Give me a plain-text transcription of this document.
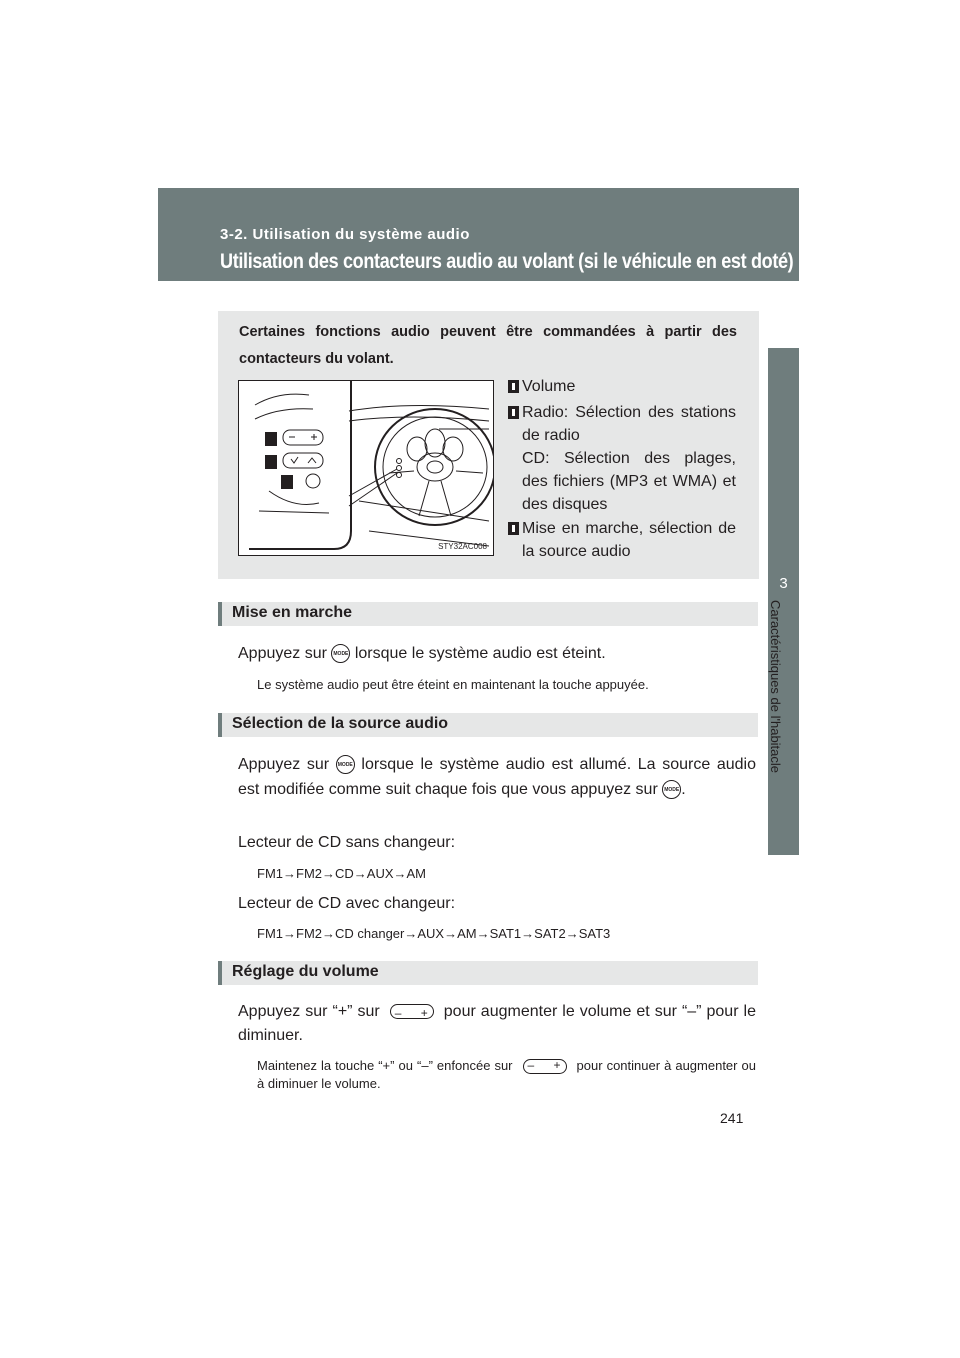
3-2. Utilisation du système audio
Utilisation des contacteurs audio au volant (si le véhicule en est doté)
3
Caractéristiques de l'habitacle
Certaines fonctions audio peuvent être commandées à partir des contacteurs du volant.
STY32AC008
Volume
Radio: Sélection des stations de radio
CD: Sélection des plages, des fichiers (MP3 et WMA) et des disques
Mise en marche, sélection de la source audio
Mise en marche
Appuyez sur MODE lorsque le système audio est éteint.
Le système audio peut être éteint en maintenant la touche appuyée.
Sélection de la source audio
Appuyez sur MODE lorsque le système audio est allumé. La source audio est modifiée comme suit chaque fois que vous appuyez sur MODE .
Lecteur de CD sans changeur:
FM1→FM2→CD→AUX→AM
Lecteur de CD avec changeur:
FM1→FM2→CD changer→AUX→AM→SAT1→SAT2→SAT3
Réglage du volume
Appuyez sur “+” sur – +	pour augmenter le volume et sur “–” pour le diminuer.
Maintenez la touche “+” ou “–” enfoncée sur – +	pour continuer à augmenter ou à diminuer le volume.
241
